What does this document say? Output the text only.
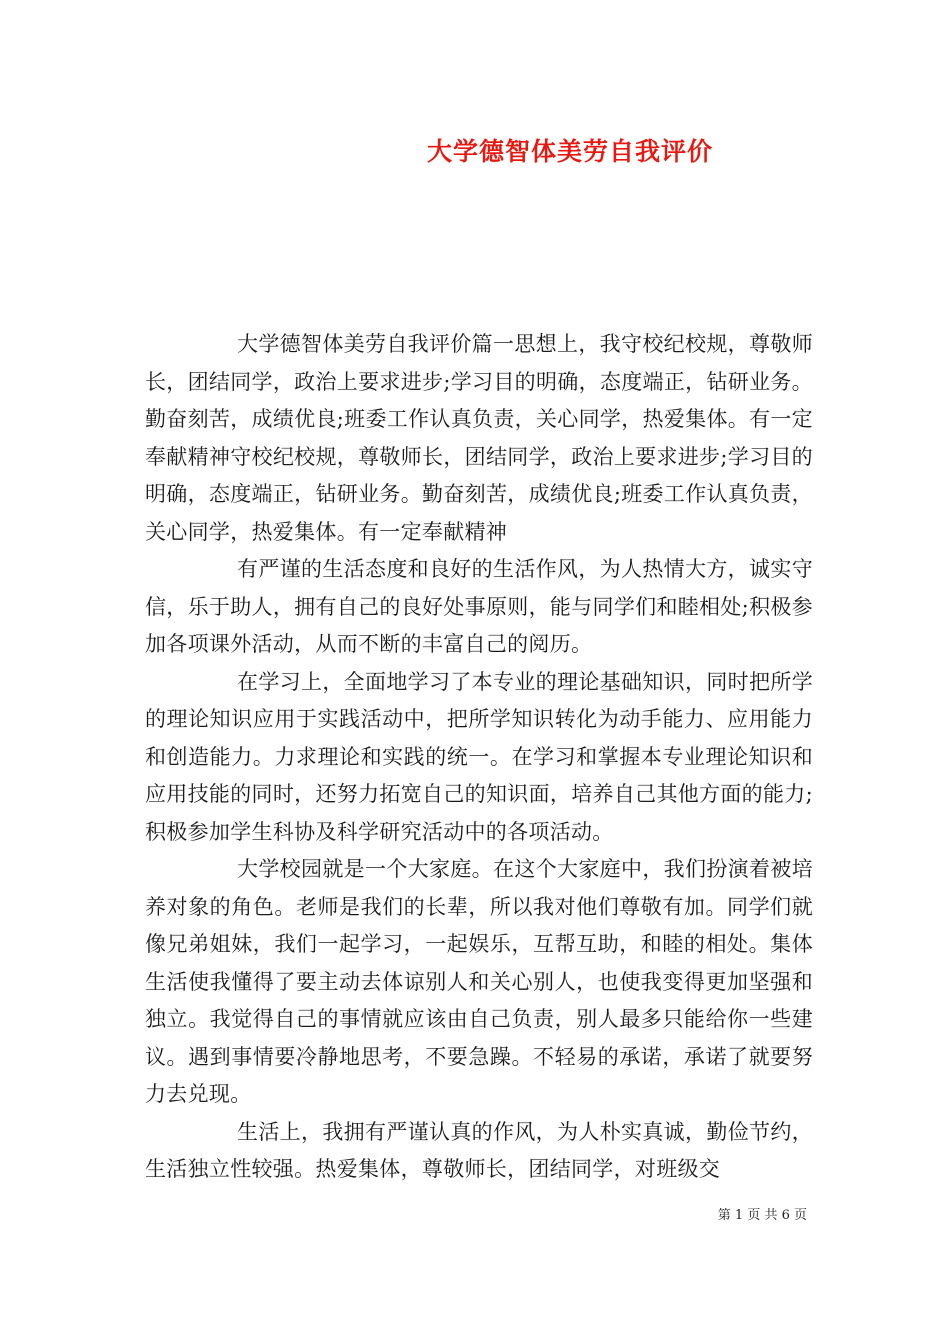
大学德智体美劳自我评价

大学德智体美劳自我评价篇一思想上，我守校纪校规，尊敬师长，团结同学，政治上要求进步;学习目的明确，态度端正，钻研业务。勤奋刻苦，成绩优良;班委工作认真负责，关心同学，热爱集体。有一定奉献精神守校纪校规，尊敬师长，团结同学，政治上要求进步;学习目的明确，态度端正，钻研业务。勤奋刻苦，成绩优良;班委工作认真负责，关心同学，热爱集体。有一定奉献精神

有严谨的生活态度和良好的生活作风，为人热情大方，诚实守信，乐于助人，拥有自己的良好处事原则，能与同学们和睦相处;积极参加各项课外活动，从而不断的丰富自己的阅历。

在学习上，全面地学习了本专业的理论基础知识，同时把所学的理论知识应用于实践活动中，把所学知识转化为动手能力、应用能力和创造能力。力求理论和实践的统一。在学习和掌握本专业理论知识和应用技能的同时，还努力拓宽自己的知识面，培养自己其他方面的能力;积极参加学生科协及科学研究活动中的各项活动。

大学校园就是一个大家庭。在这个大家庭中，我们扮演着被培养对象的角色。老师是我们的长辈，所以我对他们尊敬有加。同学们就像兄弟姐妹，我们一起学习，一起娱乐，互帮互助，和睦的相处。集体生活使我懂得了要主动去体谅别人和关心别人，也使我变得更加坚强和独立。我觉得自己的事情就应该由自己负责，别人最多只能给你一些建议。遇到事情要冷静地思考，不要急躁。不轻易的承诺，承诺了就要努力去兑现。

生活上，我拥有严谨认真的作风，为人朴实真诚，勤俭节约，生活独立性较强。热爱集体，尊敬师长，团结同学，对班级交

第 1 页 共 6 页
